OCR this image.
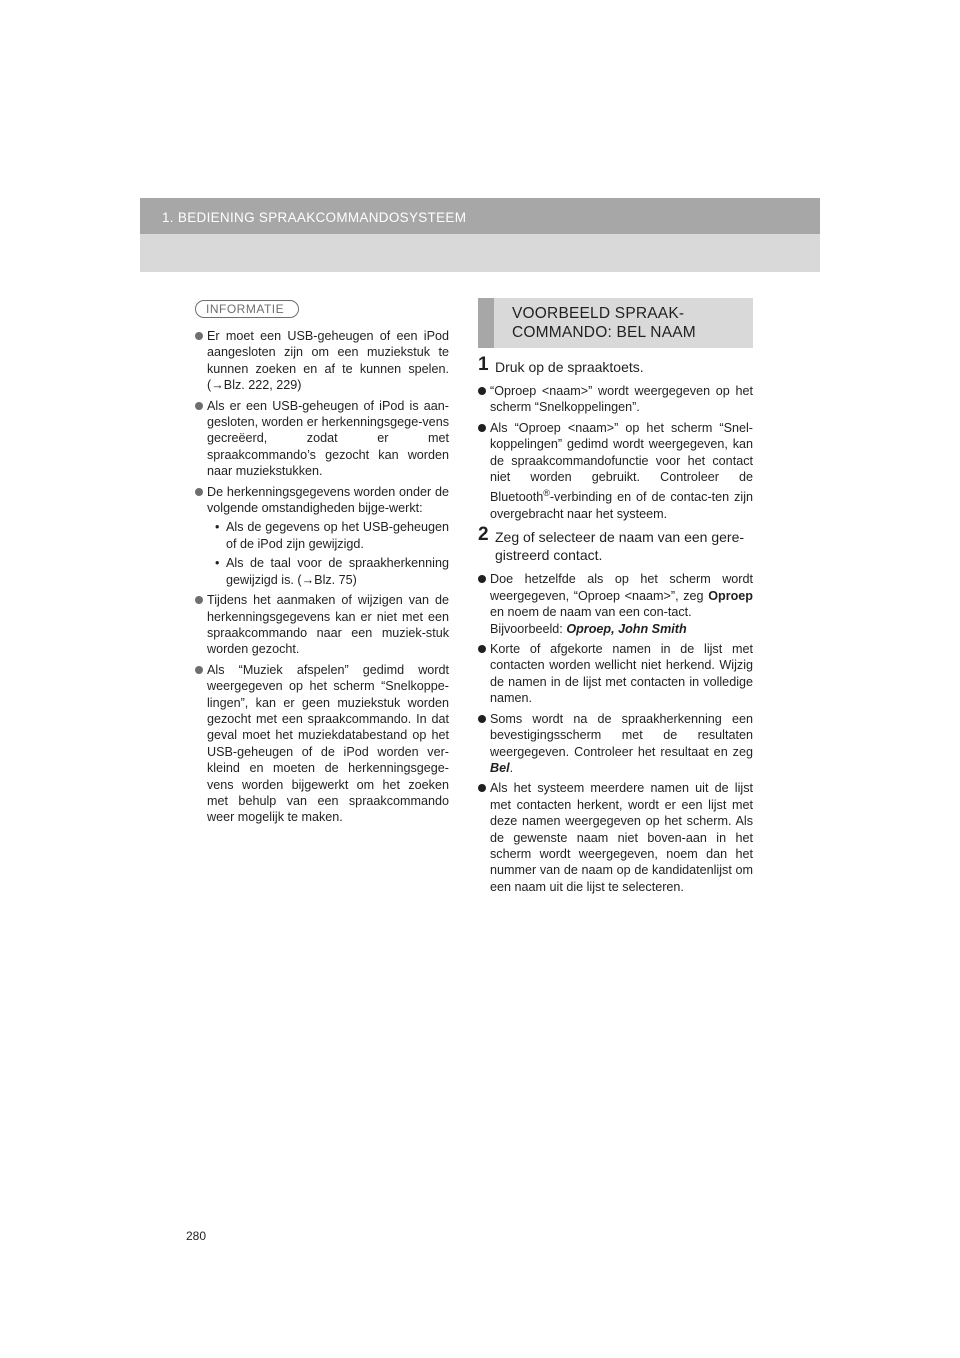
1. BEDIENING SPRAAKCOMMANDOSYSTEEM
INFORMATIE
Er moet een USB-geheugen of een iPod aangesloten zijn om een muziekstuk te kunnen zoeken en af te kunnen spelen. (→Blz. 222, 229)
Als er een USB-geheugen of iPod is aan-gesloten, worden er herkenningsgege-vens gecreëerd, zodat er met spraakcommando’s gezocht kan worden naar muziekstukken.
De herkenningsgegevens worden onder de volgende omstandigheden bijge-werkt:
• Als de gegevens op het USB-geheugen of de iPod zijn gewijzigd.
• Als de taal voor de spraakherkenning gewijzigd is. (→Blz. 75)
Tijdens het aanmaken of wijzigen van de herkenningsgegevens kan er niet met een spraakcommando naar een muziek-stuk worden gezocht.
Als “Muziek afspelen” gedimd wordt weergegeven op het scherm “Snelkoppe-lingen”, kan er geen muziekstuk worden gezocht met een spraakcommando. In dat geval moet het muziekdatabestand op het USB-geheugen of de iPod worden ver-kleind en moeten de herkenningsgege-vens worden bijgewerkt om het zoeken met behulp van een spraakcommando weer mogelijk te maken.
VOORBEELD SPRAAK-
COMMANDO: BEL NAAM
1 Druk op de spraaktoets.
“Oproep <naam>” wordt weergegeven op het scherm “Snelkoppelingen”.
Als “Oproep <naam>” op het scherm “Snel-koppelingen” gedimd wordt weergegeven, kan de spraakcommandofunctie voor het contact niet worden gebruikt. Controleer de Bluetooth®-verbinding en of de contac-ten zijn overgebracht naar het systeem.
2 Zeg of selecteer de naam van een gere-gistreerd contact.
Doe hetzelfde als op het scherm wordt weergegeven, “Oproep <naam>”, zeg Oproep en noem de naam van een con-tact.
Bijvoorbeeld: Oproep, John Smith
Korte of afgekorte namen in de lijst met contacten worden wellicht niet herkend. Wijzig de namen in de lijst met contacten in volledige namen.
Soms wordt na de spraakherkenning een bevestigingsscherm met de resultaten weergegeven. Controleer het resultaat en zeg Bel.
Als het systeem meerdere namen uit de lijst met contacten herkent, wordt er een lijst met deze namen weergegeven op het scherm. Als de gewenste naam niet boven-aan in het scherm wordt weergegeven, noem dan het nummer van de naam op de kandidatenlijst om een naam uit die lijst te selecteren.
280
